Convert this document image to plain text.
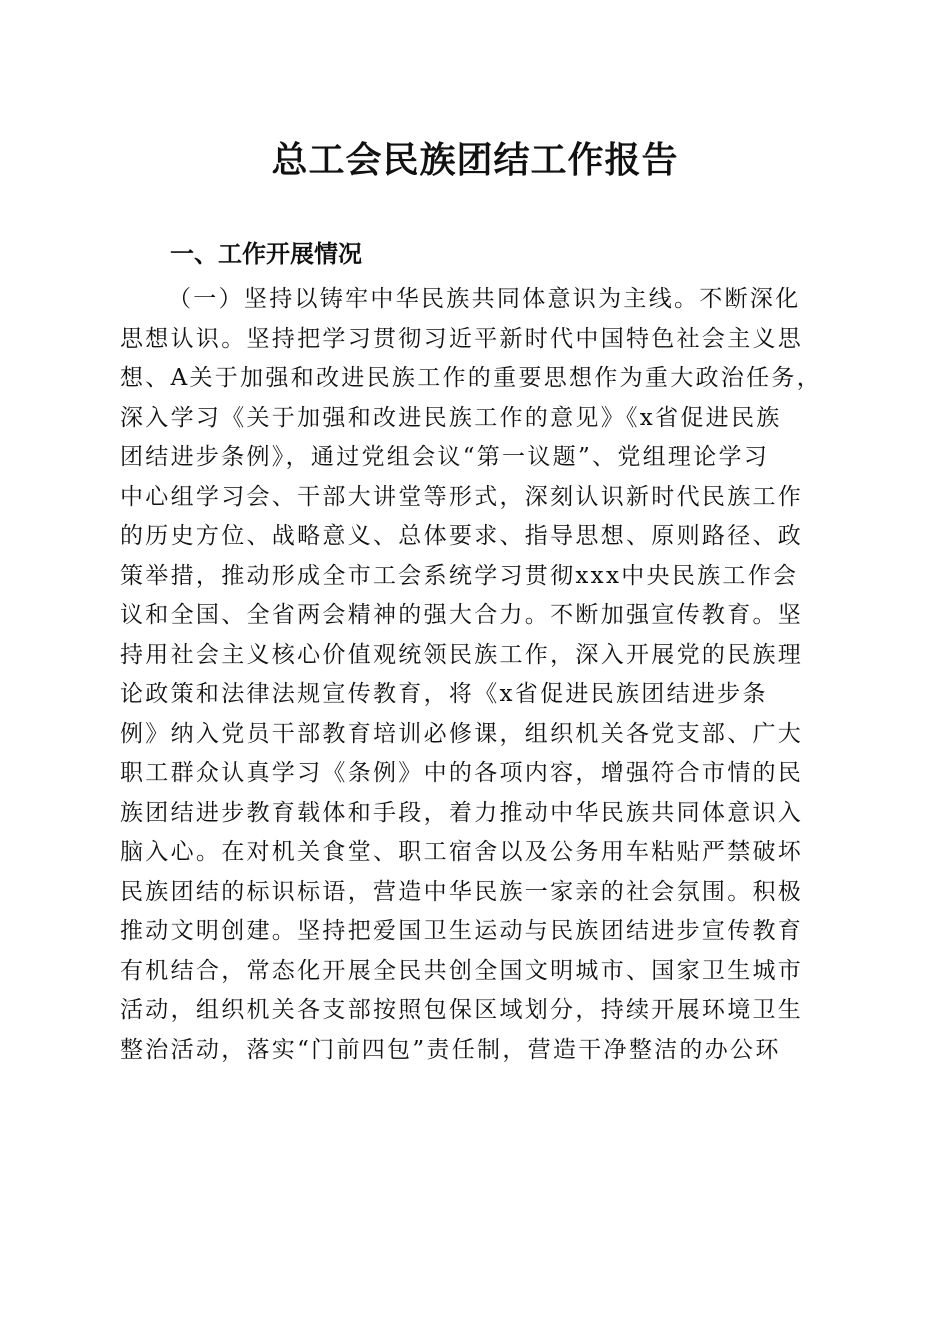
总工会民族团结工作报告
一、工作开展情况
（一）坚持以铸牢中华民族共同体意识为主线。不断深化
思想认识。坚持把学习贯彻习近平新时代中国特色社会主义思
想、A关于加强和改进民族工作的重要思想作为重大政治任务，
深入学习《关于加强和改进民族工作的意见》《x省促进民族
团结进步条例》，通过党组会议“第一议题”、党组理论学习
中心组学习会、干部大讲堂等形式，深刻认识新时代民族工作
的历史方位、战略意义、总体要求、指导思想、原则路径、政
策举措，推动形成全市工会系统学习贯彻xxx中央民族工作会
议和全国、全省两会精神的强大合力。不断加强宣传教育。坚
持用社会主义核心价值观统领民族工作，深入开展党的民族理
论政策和法律法规宣传教育，将《x省促进民族团结进步条
例》纳入党员干部教育培训必修课，组织机关各党支部、广大
职工群众认真学习《条例》中的各项内容，增强符合市情的民
族团结进步教育载体和手段，着力推动中华民族共同体意识入
脑入心。在对机关食堂、职工宿舍以及公务用车粘贴严禁破坏
民族团结的标识标语，营造中华民族一家亲的社会氛围。积极
推动文明创建。坚持把爱国卫生运动与民族团结进步宣传教育
有机结合，常态化开展全民共创全国文明城市、国家卫生城市
活动，组织机关各支部按照包保区域划分，持续开展环境卫生
整治活动，落实“门前四包”责任制，营造干净整洁的办公环
